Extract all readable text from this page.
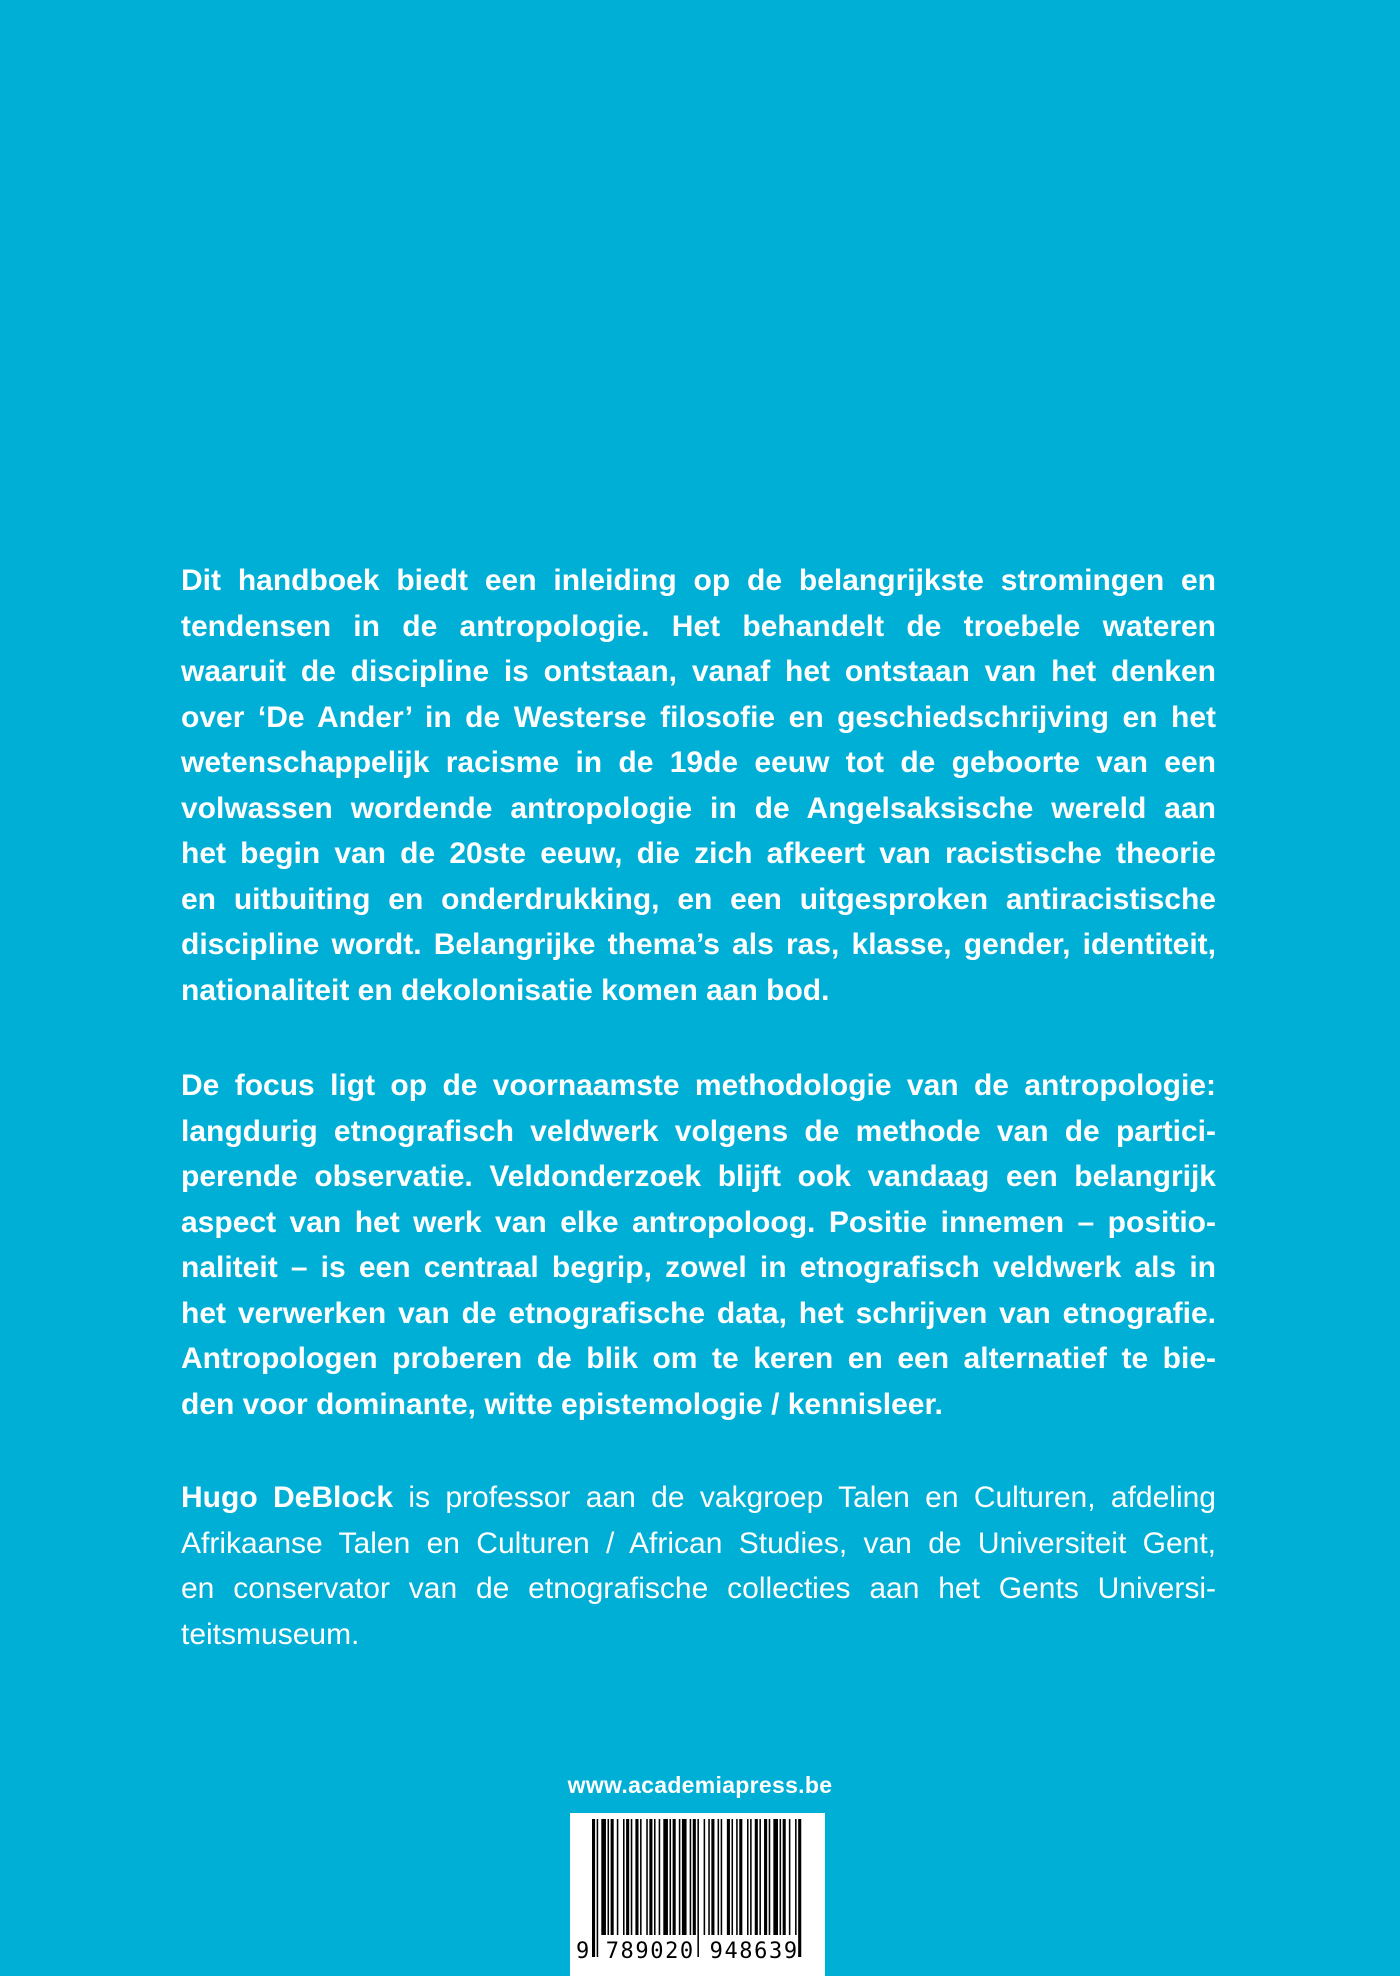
Dit handboek biedt een inleiding op de belangrijkste stromingen en
tendensen in de antropologie. Het behandelt de troebele wateren
waaruit de discipline is ontstaan, vanaf het ontstaan van het denken
over ‘De Ander’ in de Westerse filosofie en geschiedschrijving en het
wetenschappelijk racisme in de 19de eeuw tot de geboorte van een
volwassen wordende antropologie in de Angelsaksische wereld aan
het begin van de 20ste eeuw, die zich afkeert van racistische theorie
en uitbuiting en onderdrukking, en een uitgesproken antiracistische
discipline wordt. Belangrijke thema’s als ras, klasse, gender, identiteit,
nationaliteit en dekolonisatie komen aan bod.
De focus ligt op de voornaamste methodologie van de antropologie:
langdurig etnografisch veldwerk volgens de methode van de partici-
perende observatie. Veldonderzoek blijft ook vandaag een belangrijk
aspect van het werk van elke antropoloog. Positie innemen – positio-
naliteit – is een centraal begrip, zowel in etnografisch veldwerk als in
het verwerken van de etnografische data, het schrijven van etnografie.
Antropologen proberen de blik om te keren en een alternatief te bie-
den voor dominante, witte epistemologie / kennisleer.
Hugo DeBlock is professor aan de vakgroep Talen en Culturen, afdeling
Afrikaanse Talen en Culturen / African Studies, van de Universiteit Gent,
en conservator van de etnografische collecties aan het Gents Universi-
teitsmuseum.
www.academiapress.be
9 789020 948639
